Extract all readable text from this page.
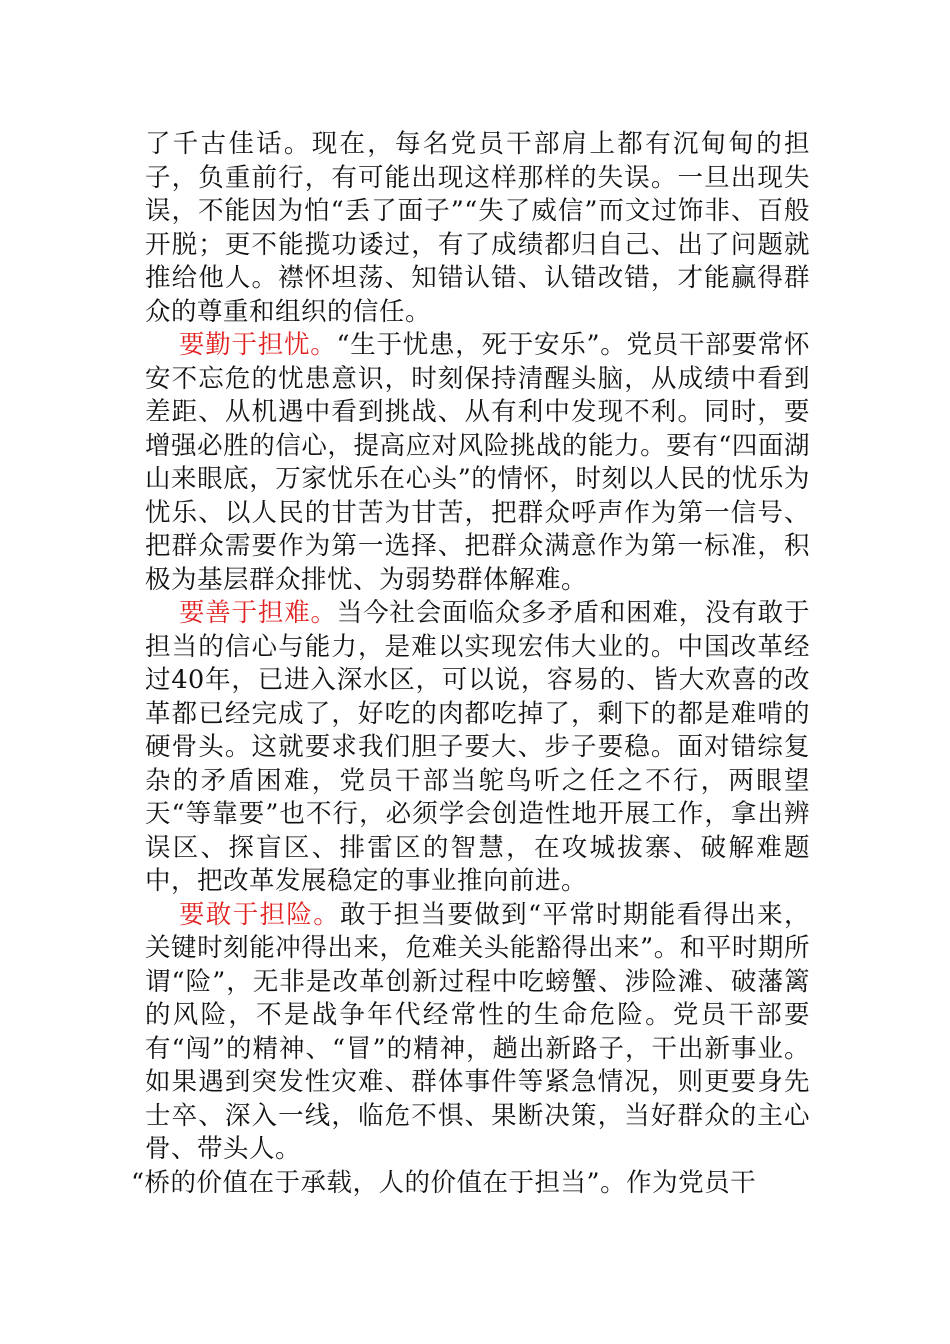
了千古佳话。现在，每名党员干部肩上都有沉甸甸的担子，负重前行，有可能出现这样那样的失误。一旦出现失误，不能因为怕“丢了面子”“失了威信”而文过饰非、百般开脱；更不能揽功诿过，有了成绩都归自己、出了问题就推给他人。襟怀坦荡、知错认错、认错改错，才能赢得群众的尊重和组织的信任。

要勤于担忧。“生于忧患，死于安乐”。党员干部要常怀安不忘危的忧患意识，时刻保持清醒头脑，从成绩中看到差距、从机遇中看到挑战、从有利中发现不利。同时，要增强必胜的信心，提高应对风险挑战的能力。要有“四面湖山来眼底，万家忧乐在心头”的情怀，时刻以人民的忧乐为忧乐、以人民的甘苦为甘苦，把群众呼声作为第一信号、把群众需要作为第一选择、把群众满意作为第一标准，积极为基层群众排忧、为弱势群体解难。

要善于担难。当今社会面临众多矛盾和困难，没有敢于担当的信心与能力，是难以实现宏伟大业的。中国改革经过40年，已进入深水区，可以说，容易的、皆大欢喜的改革都已经完成了，好吃的肉都吃掉了，剩下的都是难啃的硬骨头。这就要求我们胆子要大、步子要稳。面对错综复杂的矛盾困难，党员干部当鸵鸟听之任之不行，两眼望天“等靠要”也不行，必须学会创造性地开展工作，拿出辨误区、探盲区、排雷区的智慧，在攻城拔寨、破解难题中，把改革发展稳定的事业推向前进。

要敢于担险。敢于担当要做到“平常时期能看得出来，关键时刻能冲得出来，危难关头能豁得出来”。和平时期所谓“险”，无非是改革创新过程中吃螃蟹、涉险滩、破藩篱的风险，不是战争年代经常性的生命危险。党员干部要有“闯”的精神、“冒”的精神，趟出新路子，干出新事业。如果遇到突发性灾难、群体事件等紧急情况，则更要身先士卒、深入一线，临危不惧、果断决策，当好群众的主心骨、带头人。

“桥的价值在于承载，人的价值在于担当”。作为党员干
